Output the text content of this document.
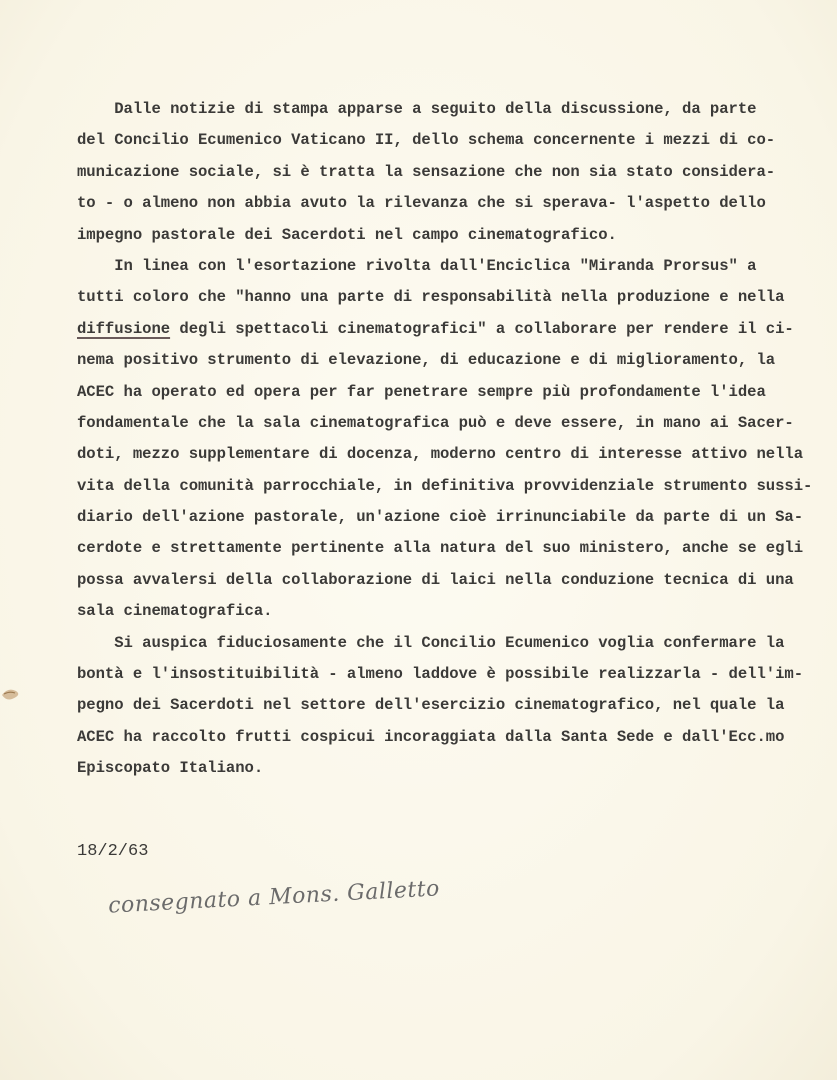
Dalle notizie di stampa apparse a seguito della discussione, da parte
del Concilio Ecumenico Vaticano II, dello schema concernente i mezzi di co-
municazione sociale, si è tratta la sensazione che non sia stato considera-
to - o almeno non abbia avuto la rilevanza che si sperava- l'aspetto dello
impegno pastorale dei Sacerdoti nel campo cinematografico.
In linea con l'esortazione rivolta dall'Enciclica "Miranda Prorsus" a
tutti coloro che "hanno una parte di responsabilità nella produzione e nella
diffusione degli spettacoli cinematografici" a collaborare per rendere il ci-
nema positivo strumento di elevazione, di educazione e di miglioramento, la
ACEC ha operato ed opera per far penetrare sempre più profondamente l'idea
fondamentale che la sala cinematografica può e deve essere, in mano ai Sacer-
doti, mezzo supplementare di docenza, moderno centro di interesse attivo nella
vita della comunità parrocchiale, in definitiva provvidenziale strumento sussi-
diario dell'azione pastorale, un'azione cioè irrinunciabile da parte di un Sa-
cerdote e strettamente pertinente alla natura del suo ministero, anche se egli
possa avvalersi della collaborazione di laici nella conduzione tecnica di una
sala cinematografica.
Si auspica fiduciosamente che il Concilio Ecumenico voglia confermare la
bontà e l'insostituibilità - almeno laddove è possibile realizzarla - dell'im-
pegno dei Sacerdoti nel settore dell'esercizio cinematografico, nel quale la
ACEC ha raccolto frutti cospicui incoraggiata dalla Santa Sede e dall'Ecc.mo
Episcopato Italiano.
18/2/63
consegnato a Mons. Galletto
